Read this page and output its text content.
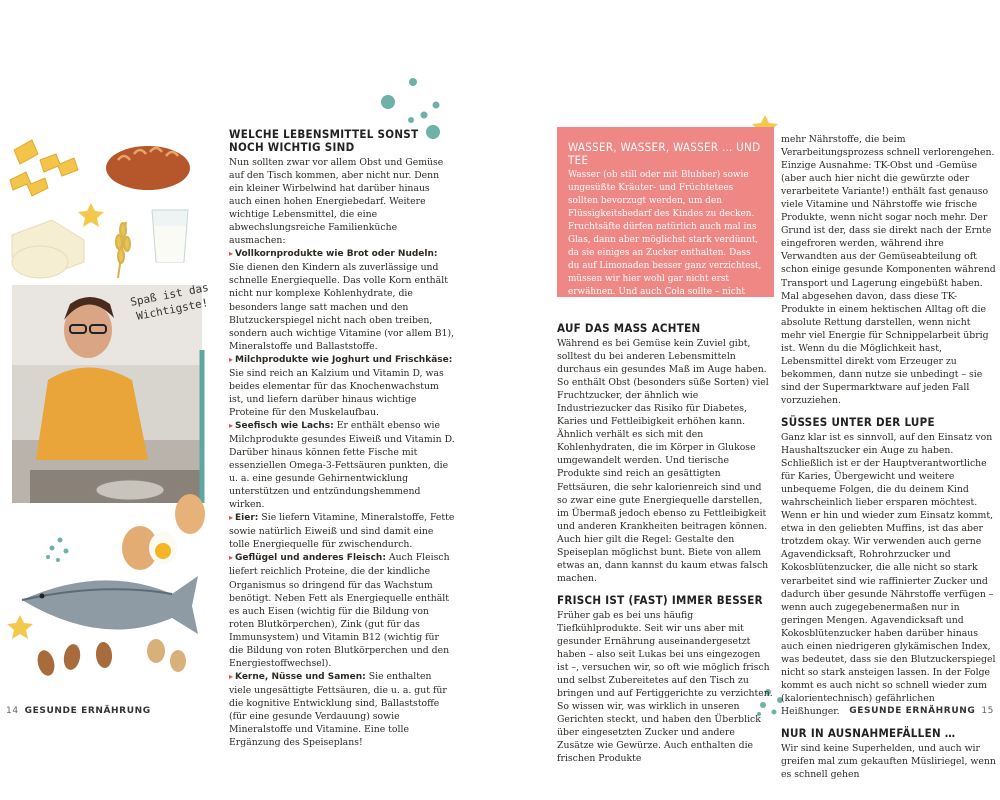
Spaß ist das Wichtigste!
WELCHE LEBENSMITTEL SONST NOCH WICHTIG SIND

Nun sollten zwar vor allem Obst und Gemüse auf den Tisch kommen, aber nicht nur. Denn ein kleiner Wirbelwind hat darüber hinaus auch einen hohen Energiebedarf. Weitere wichtige Lebensmittel, die eine abwechslungsreiche Familienküche ausmachen:

▸ Vollkornprodukte wie Brot oder Nudeln: Sie dienen den Kindern als zuverlässige und schnelle Energiequelle. Das volle Korn enthält nicht nur komplexe Kohlenhydrate, die besonders lange satt machen und den Blutzuckerspiegel nicht nach oben treiben, sondern auch wichtige Vitamine (vor allem B1), Mineralstoffe und Ballaststoffe.

▸ Milchprodukte wie Joghurt und Frischkäse: Sie sind reich an Kalzium und Vitamin D, was beides elementar für das Knochenwachstum ist, und liefern darüber hinaus wichtige Proteine für den Muskelaufbau.

▸ Seefisch wie Lachs: Er enthält ebenso wie Milchprodukte gesundes Eiweiß und Vitamin D. Darüber hinaus können fette Fische mit essenziellen Omega-3-Fettsäuren punkten, die u. a. eine gesunde Gehirnentwicklung unterstützen und entzündungshemmend wirken.

▸ Eier: Sie liefern Vitamine, Mineralstoffe, Fette sowie natürlich Eiweiß und sind damit eine tolle Energiequelle für zwischendurch.

▸ Geflügel und anderes Fleisch: Auch Fleisch liefert reichlich Proteine, die der kindliche Organismus so dringend für das Wachstum benötigt. Neben Fett als Energiequelle enthält es auch Eisen (wichtig für die Bildung von roten Blutkörperchen), Zink (gut für das Immunsystem) und Vitamin B12 (wichtig für die Bildung von roten Blutkörperchen und den Energiestoffwechsel).

▸ Kerne, Nüsse und Samen: Sie enthalten viele ungesättigte Fettsäuren, die u. a. gut für die kognitive Entwicklung sind, Ballaststoffe (für eine gesunde Verdauung) sowie Mineralstoffe und Vitamine. Eine tolle Ergänzung des Speiseplans!

WASSER, WASSER, WASSER … UND TEE

Wasser (ob still oder mit Blubber) sowie ungesüßte Kräuter- und Früchtetees sollten bevorzugt werden, um den Flüssigkeitsbedarf des Kindes zu decken. Fruchtsäfte dürfen natürlich auch mal ins Glas, dann aber möglichst stark verdünnt, da sie einiges an Zucker enthalten. Dass du auf Limonaden besser ganz verzichtest, müssen wir hier wohl gar nicht erst erwähnen. Und auch Cola sollte – nicht zuletzt wegen des enthaltenen Koffeins – für Kinder tabu sein.

AUF DAS MASS ACHTEN

Während es bei Gemüse kein Zuviel gibt, solltest du bei anderen Lebensmitteln durchaus ein gesundes Maß im Auge haben. So enthält Obst (besonders süße Sorten) viel Fruchtzucker, der ähnlich wie Industriezucker das Risiko für Diabetes, Karies und Fettleibigkeit erhöhen kann. Ähnlich verhält es sich mit den Kohlenhydraten, die im Körper in Glukose umgewandelt werden. Und tierische Produkte sind reich an gesättigten Fettsäuren, die sehr kalorienreich sind und so zwar eine gute Energiequelle darstellen, im Übermaß jedoch ebenso zu Fettleibigkeit und anderen Krankheiten beitragen können. Auch hier gilt die Regel: Gestalte den Speiseplan möglichst bunt. Biete von allem etwas an, dann kannst du kaum etwas falsch machen.

FRISCH IST (FAST) IMMER BESSER

Früher gab es bei uns häufig Tiefkühlprodukte. Seit wir uns aber mit gesunder Ernährung auseinandergesetzt haben – also seit Lukas bei uns eingezogen ist –, versuchen wir, so oft wie möglich frisch und selbst Zubereitetes auf den Tisch zu bringen und auf Fertiggerichte zu verzichten. So wissen wir, was wirklich in unseren Gerichten steckt, und haben den Überblick über eingesetzten Zucker und andere Zusätze wie Gewürze. Auch enthalten die frischen Produkte

mehr Nährstoffe, die beim Verarbeitungsprozess schnell verlorengehen. Einzige Ausnahme: TK-Obst und -Gemüse (aber auch hier nicht die gewürzte oder verarbeitete Variante!) enthält fast genauso viele Vitamine und Nährstoffe wie frische Produkte, wenn nicht sogar noch mehr. Der Grund ist der, dass sie direkt nach der Ernte eingefroren werden, während ihre Verwandten aus der Gemüseabteilung oft schon einige gesunde Komponenten während Transport und Lagerung eingebüßt haben. Mal abgesehen davon, dass diese TK-Produkte in einem hektischen Alltag oft die absolute Rettung darstellen, wenn nicht mehr viel Energie für Schnippelarbeit übrig ist. Wenn du die Möglichkeit hast, Lebensmittel direkt vom Erzeuger zu bekommen, dann nutze sie unbedingt – sie sind der Supermarktware auf jeden Fall vorzuziehen.

SÜSSES UNTER DER LUPE

Ganz klar ist es sinnvoll, auf den Einsatz von Haushaltszucker ein Auge zu haben. Schließlich ist er der Hauptverantwortliche für Karies, Übergewicht und weitere unbequeme Folgen, die du deinem Kind wahrscheinlich lieber ersparen möchtest. Wenn er hin und wieder zum Einsatz kommt, etwa in den geliebten Muffins, ist das aber trotzdem okay. Wir verwenden auch gerne Agavendicksaft, Rohrohrzucker und Kokosblütenzucker, die alle nicht so stark verarbeitet sind wie raffinierter Zucker und dadurch über gesunde Nährstoffe verfügen – wenn auch zugegebenermaßen nur in geringen Mengen. Agavendicksaft und Kokosblütenzucker haben darüber hinaus auch einen niedrigeren glykämischen Index, was bedeutet, dass sie den Blutzuckerspiegel nicht so stark ansteigen lassen. In der Folge kommt es auch nicht so schnell wieder zum (kalorientechnisch) gefährlichen Heißhunger.

NUR IN AUSNAHMEFÄLLEN …

Wir sind keine Superhelden, und auch wir greifen mal zum gekauften Müsliriegel, wenn es schnell gehen

14 GESUNDE ERNÄHRUNG	GESUNDE ERNÄHRUNG 15
